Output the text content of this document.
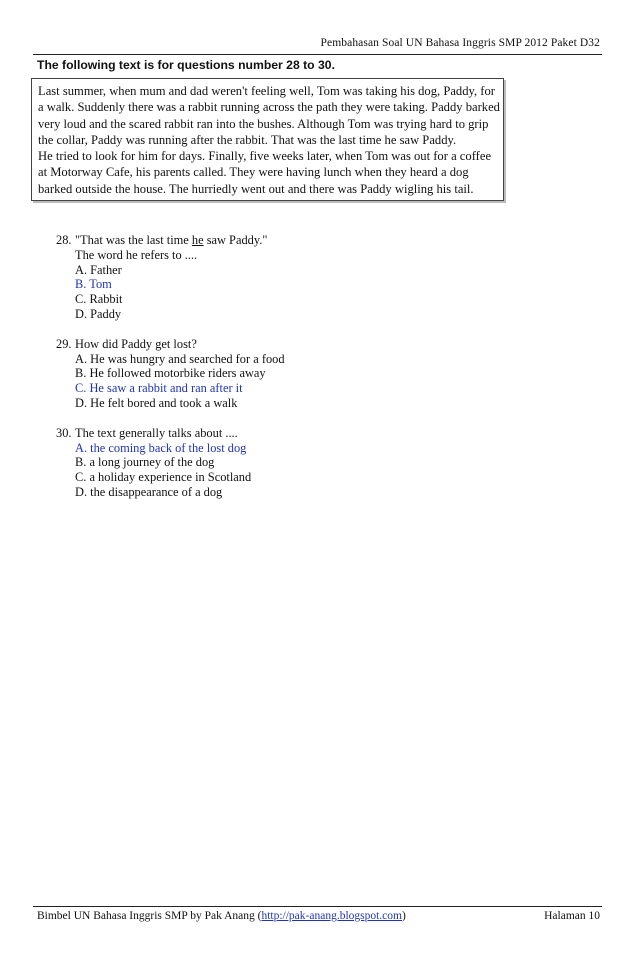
Pembahasan Soal UN Bahasa Inggris SMP 2012 Paket D32
The following text is for questions number 28 to 30.

Last summer, when mum and dad weren't feeling well, Tom was taking his dog, Paddy, for a walk. Suddenly there was a rabbit running across the path they were taking. Paddy barked very loud and the scared rabbit ran into the bushes. Although Tom was trying hard to grip the collar, Paddy was running after the rabbit. That was the last time he saw Paddy.

He tried to look for him for days. Finally, five weeks later, when Tom was out for a coffee at Motorway Cafe, his parents called. They were having lunch when they heard a dog barked outside the house. The hurriedly went out and there was Paddy wigling his tail.

28. "That was the last time he saw Paddy."
The word he refers to ....
A. Father
B. Tom
C. Rabbit
D. Paddy
29. How did Paddy get lost?
A. He was hungry and searched for a food
B. He followed motorbike riders away
C. He saw a rabbit and ran after it
D. He felt bored and took a walk
30. The text generally talks about ....
A. the coming back of the lost dog
B. a long journey of the dog
C. a holiday experience in Scotland
D. the disappearance of a dog
Bimbel UN Bahasa Inggris SMP by Pak Anang (http://pak-anang.blogspot.com)	Halaman 10
